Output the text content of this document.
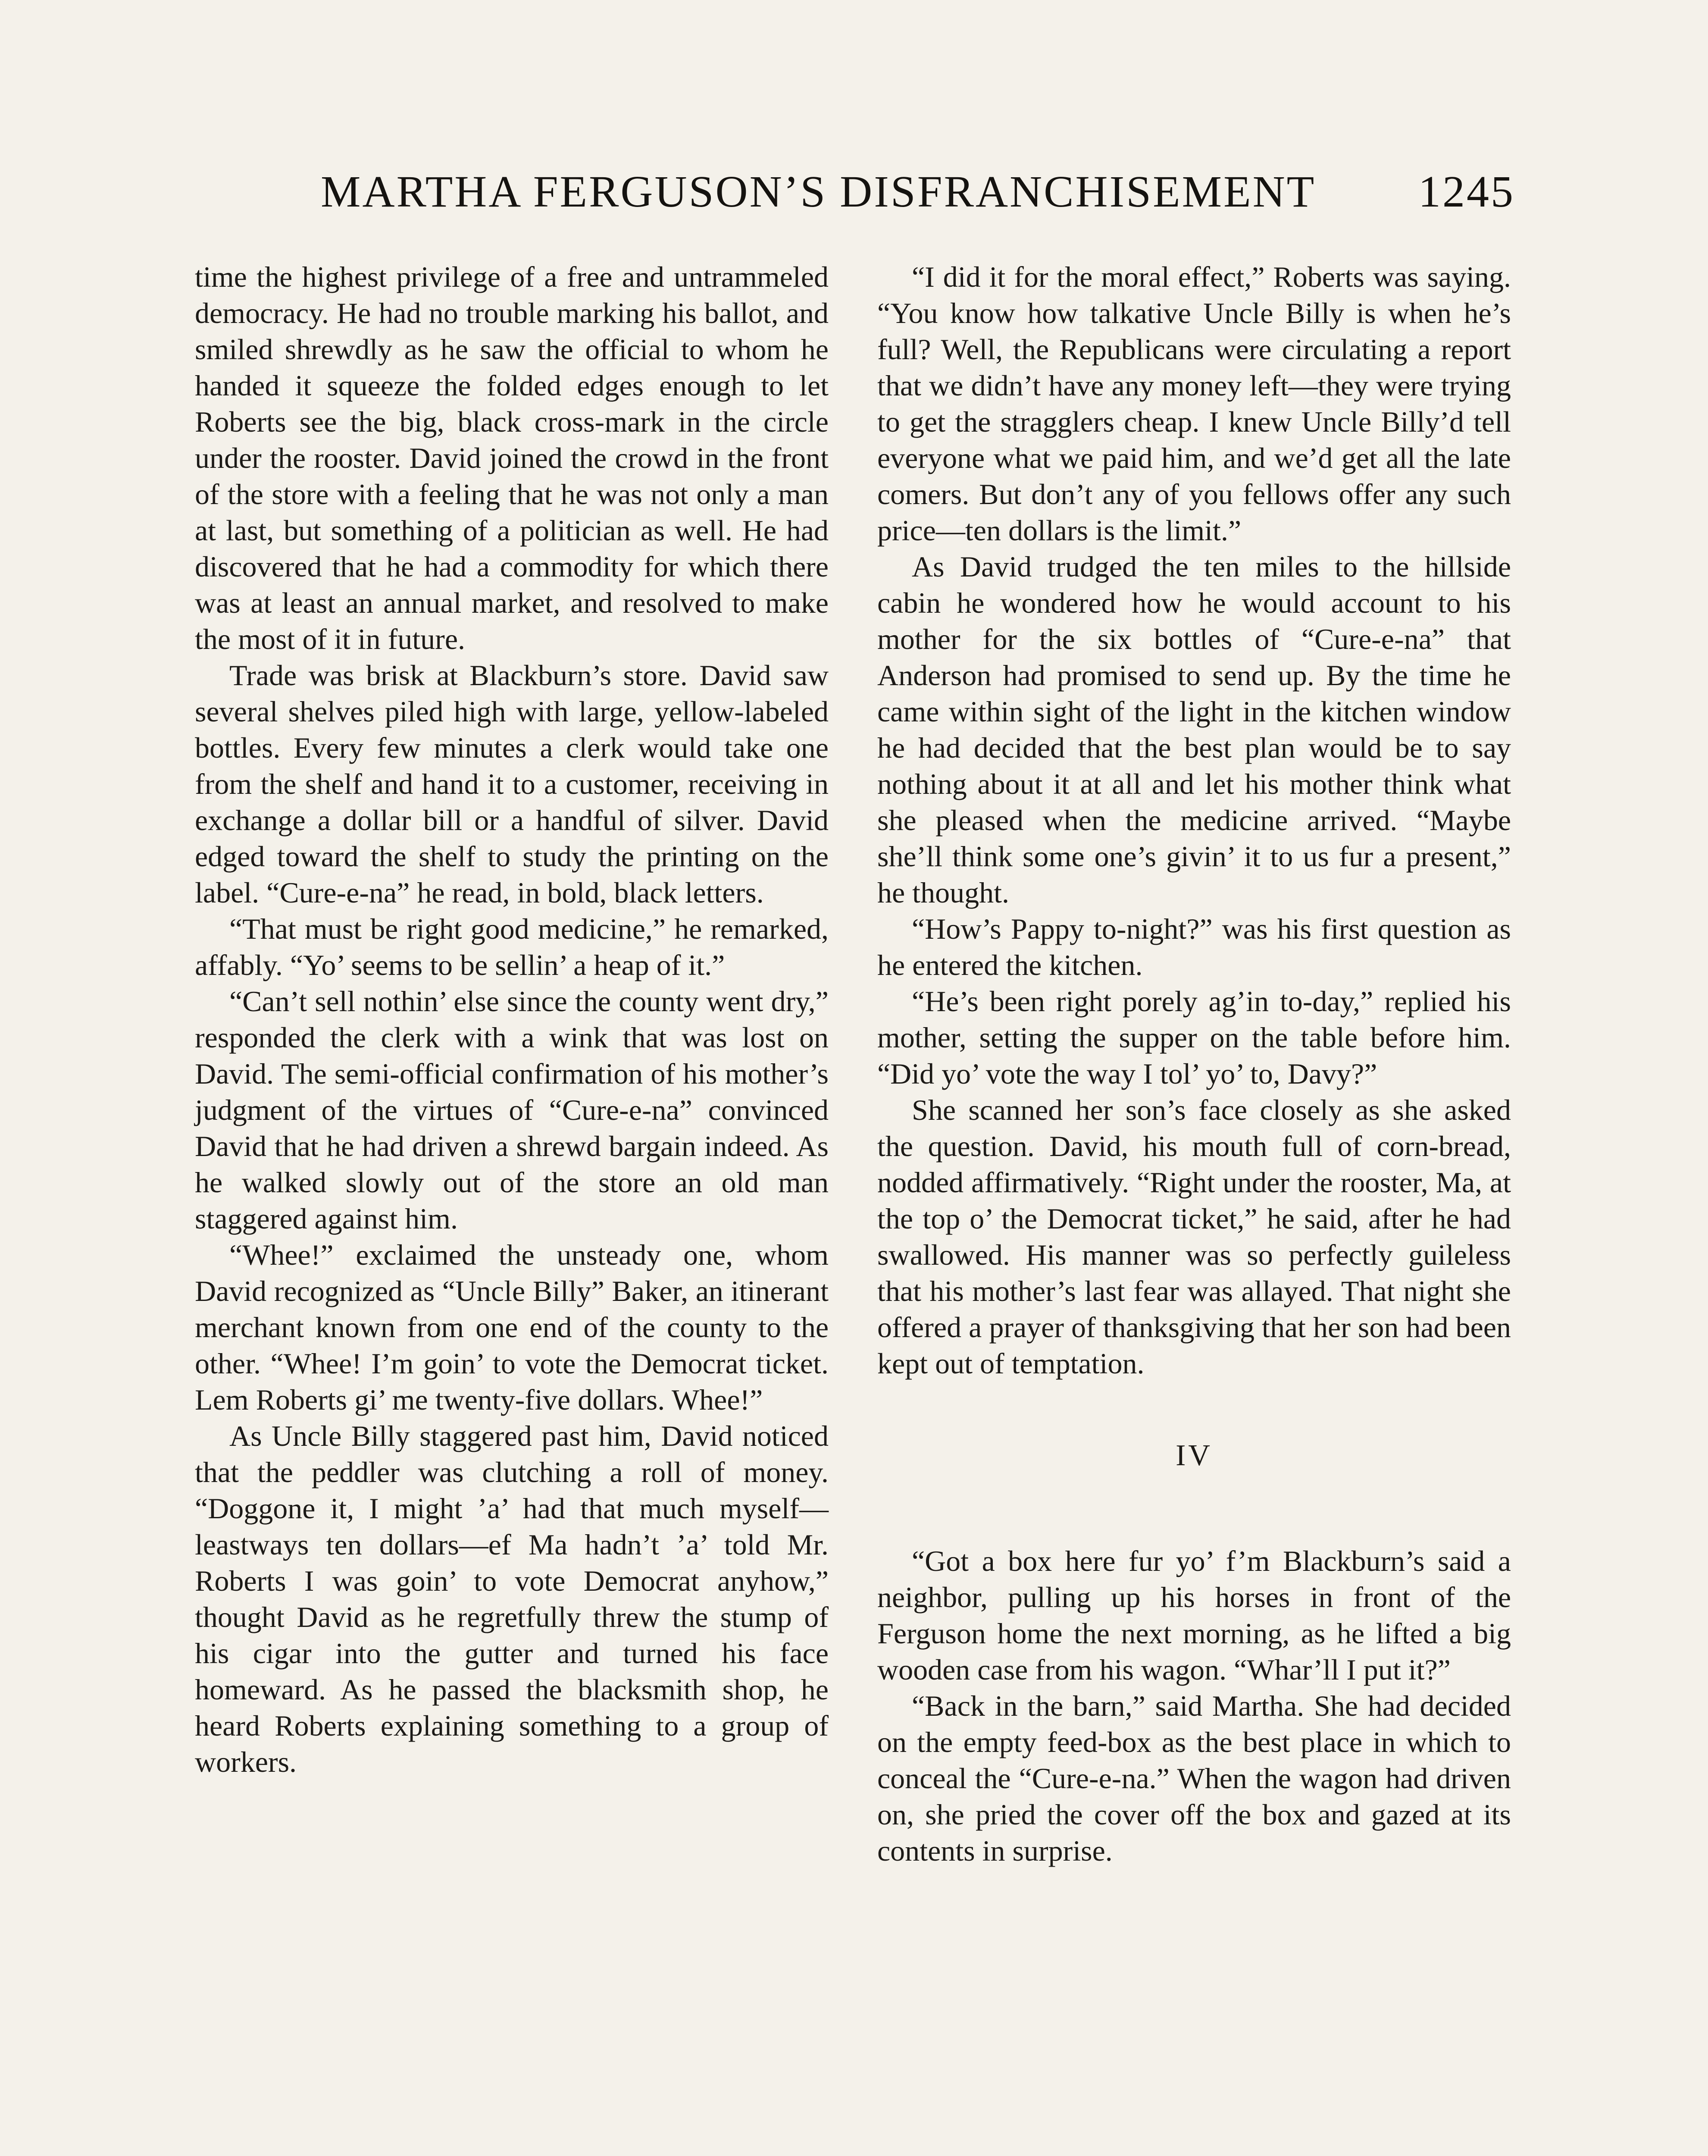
MARTHA FERGUSON’S DISFRANCHISEMENT 1245

time the highest privilege of a free and untrammeled democracy. He had no trouble marking his ballot, and smiled shrewdly as he saw the official to whom he handed it squeeze the folded edges enough to let Roberts see the big, black cross-mark in the circle under the rooster. David joined the crowd in the front of the store with a feeling that he was not only a man at last, but something of a politician as well. He had discovered that he had a commodity for which there was at least an annual market, and resolved to make the most of it in future.

Trade was brisk at Blackburn’s store. David saw several shelves piled high with large, yellow-labeled bottles. Every few minutes a clerk would take one from the shelf and hand it to a customer, receiving in exchange a dollar bill or a handful of silver. David edged toward the shelf to study the printing on the label. “Cure-e-na” he read, in bold, black letters.

“That must be right good medicine,” he remarked, affably. “Yo’ seems to be sellin’ a heap of it.”

“Can’t sell nothin’ else since the county went dry,” responded the clerk with a wink that was lost on David. The semi-official confirmation of his mother’s judgment of the virtues of “Cure-e-na” convinced David that he had driven a shrewd bargain indeed. As he walked slowly out of the store an old man staggered against him.

“Whee!” exclaimed the unsteady one, whom David recognized as “Uncle Billy” Baker, an itinerant merchant known from one end of the county to the other. “Whee! I’m goin’ to vote the Democrat ticket. Lem Roberts gi’ me twenty-five dollars. Whee!”

As Uncle Billy staggered past him, David noticed that the peddler was clutching a roll of money. “Doggone it, I might ’a’ had that much myself—leastways ten dollars—ef Ma hadn’t ’a’ told Mr. Roberts I was goin’ to vote Democrat anyhow,” thought David as he regretfully threw the stump of his cigar into the gutter and turned his face homeward. As he passed the blacksmith shop, he heard Roberts explaining something to a group of workers.

“I did it for the moral effect,” Roberts was saying. “You know how talkative Uncle Billy is when he’s full? Well, the Republicans were circulating a report that we didn’t have any money left—they were trying to get the stragglers cheap. I knew Uncle Billy’d tell everyone what we paid him, and we’d get all the late comers. But don’t any of you fellows offer any such price—ten dollars is the limit.”

As David trudged the ten miles to the hillside cabin he wondered how he would account to his mother for the six bottles of “Cure-e-na” that Anderson had promised to send up. By the time he came within sight of the light in the kitchen window he had decided that the best plan would be to say nothing about it at all and let his mother think what she pleased when the medicine arrived. “Maybe she’ll think some one’s givin’ it to us fur a present,” he thought.

“How’s Pappy to-night?” was his first question as he entered the kitchen.

“He’s been right porely ag’in to-day,” replied his mother, setting the supper on the table before him. “Did yo’ vote the way I tol’ yo’ to, Davy?”

She scanned her son’s face closely as she asked the question. David, his mouth full of corn-bread, nodded affirmatively. “Right under the rooster, Ma, at the top o’ the Democrat ticket,” he said, after he had swallowed. His manner was so perfectly guileless that his mother’s last fear was allayed. That night she offered a prayer of thanksgiving that her son had been kept out of temptation.

IV

“Got a box here fur yo’ f’m Blackburn’s said a neighbor, pulling up his horses in front of the Ferguson home the next morning, as he lifted a big wooden case from his wagon. “Whar’ll I put it?”

“Back in the barn,” said Martha. She had decided on the empty feed-box as the best place in which to conceal the “Cure-e-na.” When the wagon had driven on, she pried the cover off the box and gazed at its contents in surprise.
